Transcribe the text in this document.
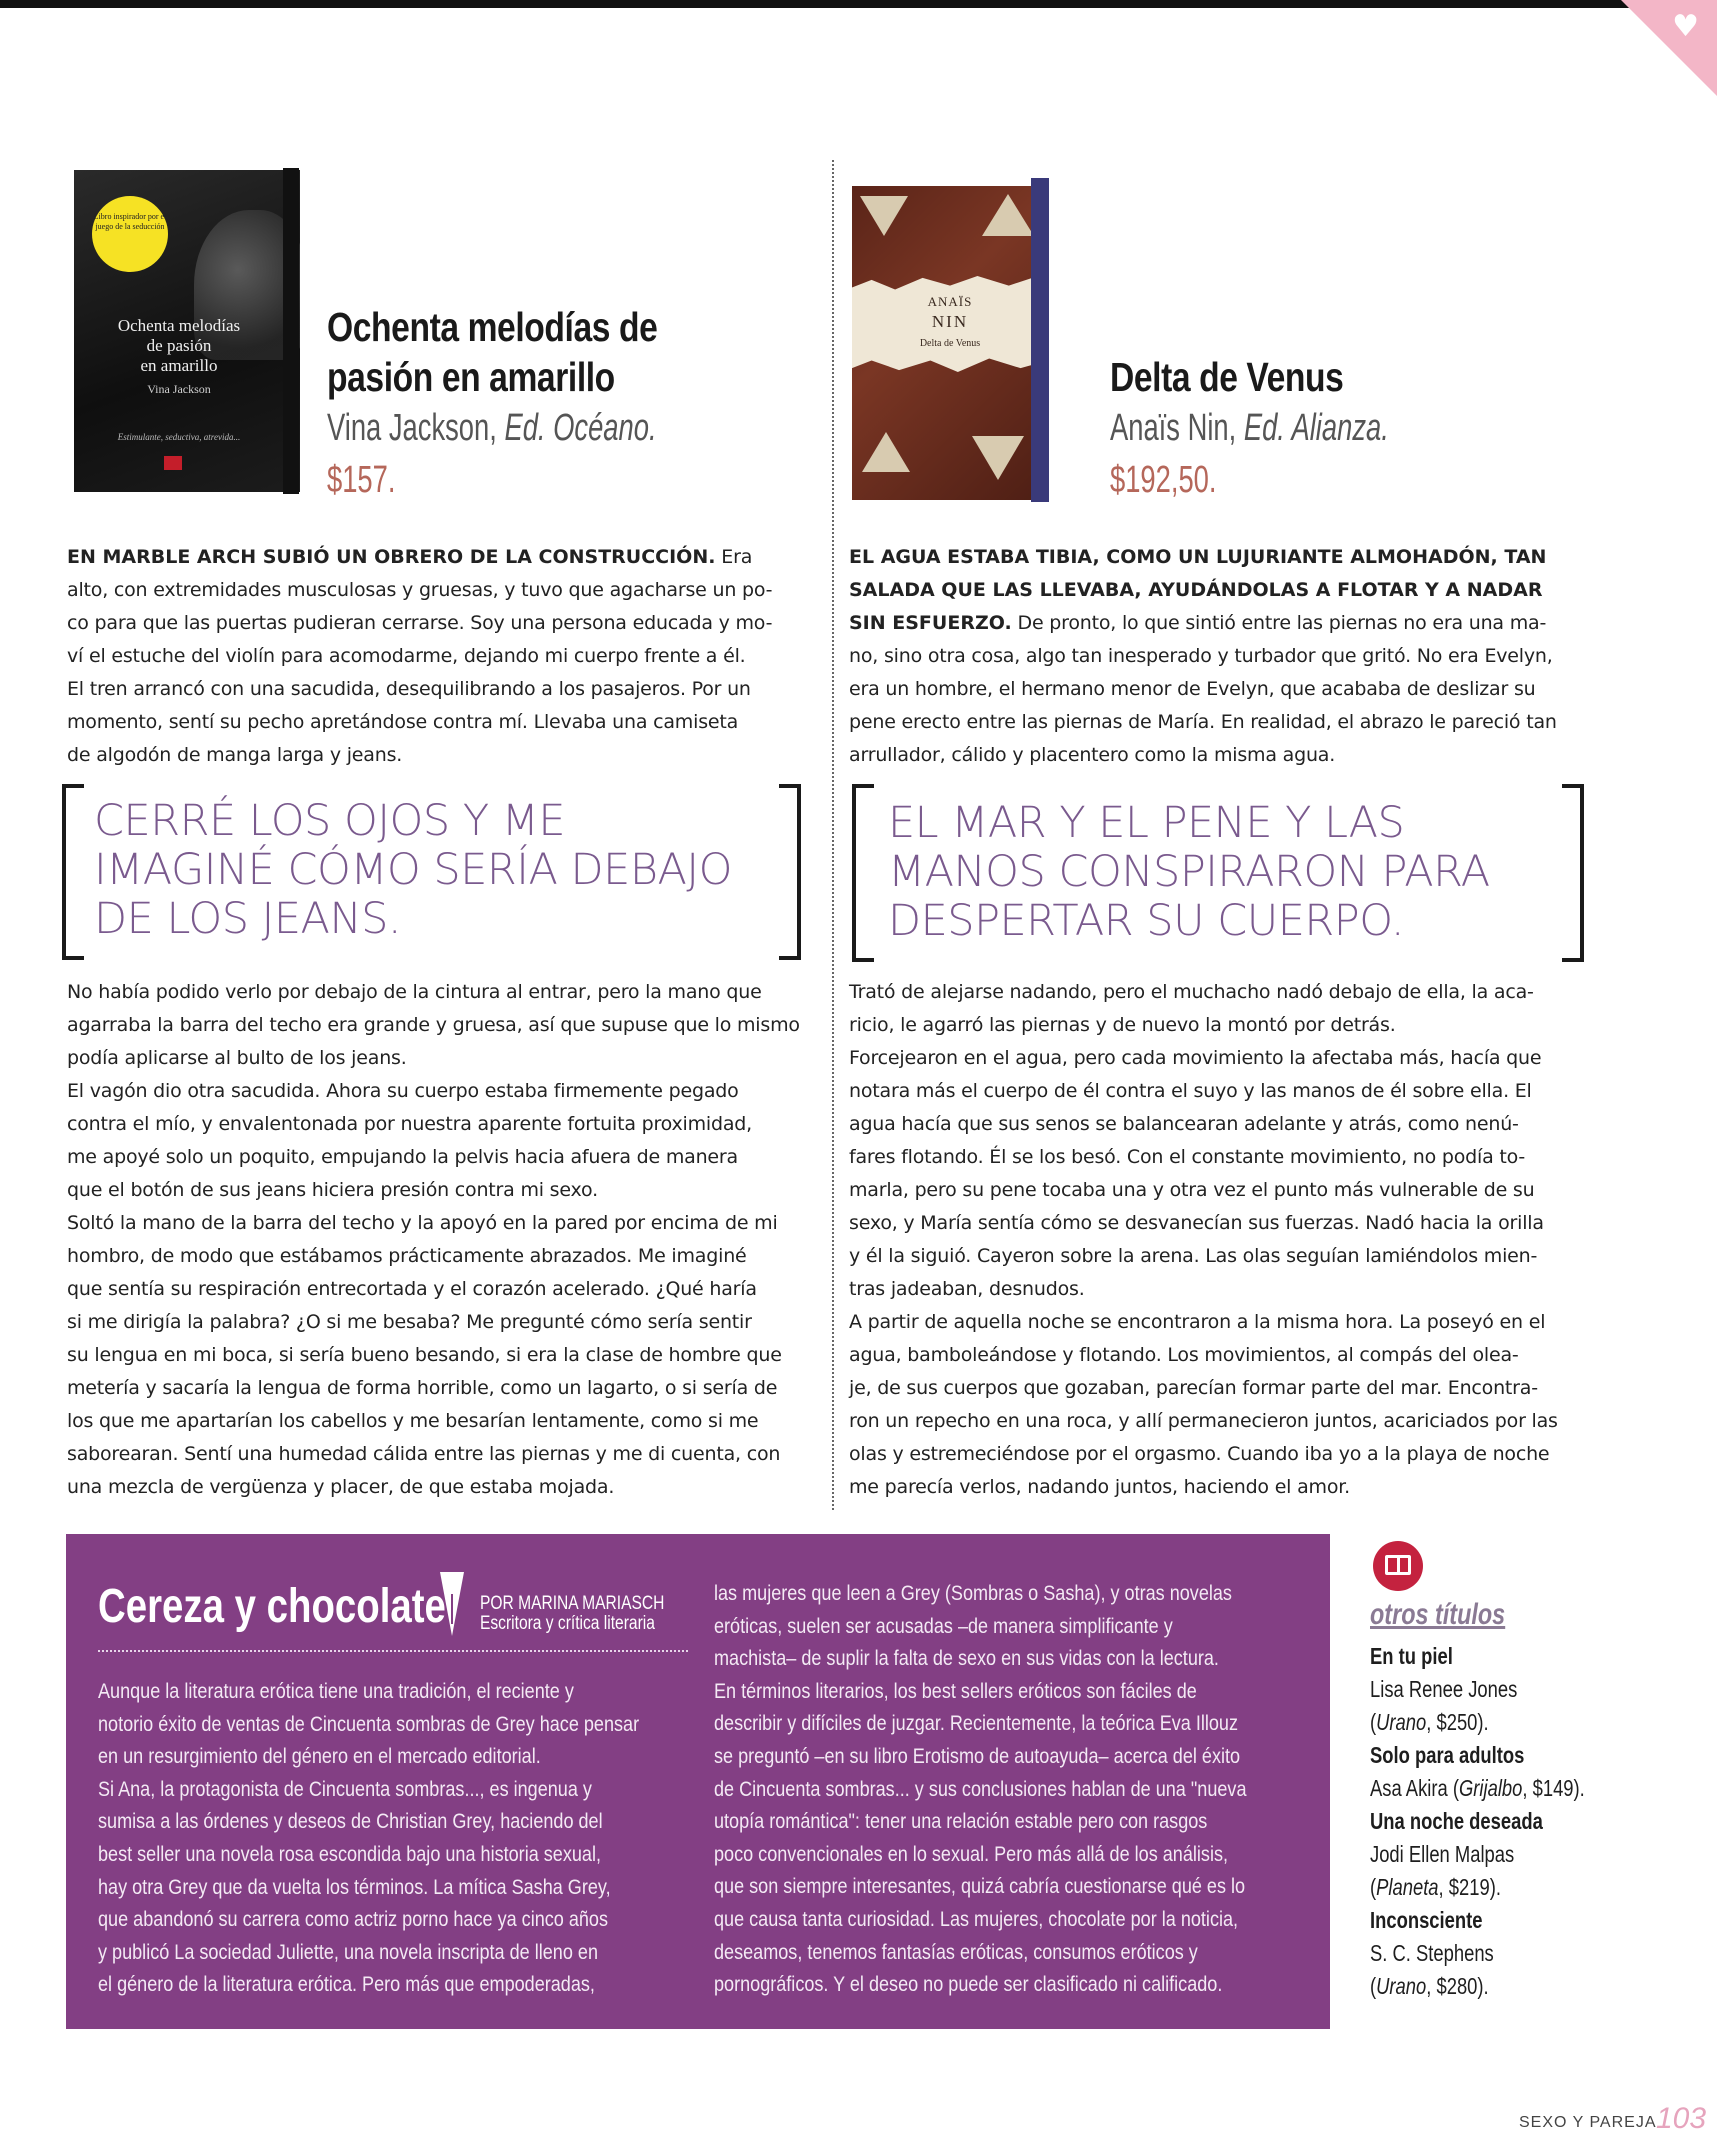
♥
Libro inspirador por el juego de la seducción
Ochenta melodías
de pasión
en amarillo
Vina Jackson
Estimulante, seductiva, atrevida...
Ochenta melodías de
pasión en amarillo
Vina Jackson, Ed. Océano.
$157.
ANAÏS
NIN
Delta de Venus
Delta de Venus
Anaïs Nin, Ed. Alianza.
$192,50.

EN MARBLE ARCH SUBIÓ UN OBRERO DE LA CONSTRUCCIÓN. Era

alto, con extremidades musculosas y gruesas, y tuvo que agacharse un po-

co para que las puertas pudieran cerrarse. Soy una persona educada y mo-

ví el estuche del violín para acomodarme, dejando mi cuerpo frente a él.

El tren arrancó con una sacudida, desequilibrando a los pasajeros. Por un

momento, sentí su pecho apretándose contra mí. Llevaba una camiseta

de algodón de manga larga y jeans.

CERRÉ LOS OJOS Y ME

IMAGINÉ CÓMO SERÍA DEBAJO

DE LOS JEANS.

No había podido verlo por debajo de la cintura al entrar, pero la mano que

agarraba la barra del techo era grande y gruesa, así que supuse que lo mismo

podía aplicarse al bulto de los jeans.

El vagón dio otra sacudida. Ahora su cuerpo estaba firmemente pegado

contra el mío, y envalentonada por nuestra aparente fortuita proximidad,

me apoyé solo un poquito, empujando la pelvis hacia afuera de manera

que el botón de sus jeans hiciera presión contra mi sexo.

Soltó la mano de la barra del techo y la apoyó en la pared por encima de mi

hombro, de modo que estábamos prácticamente abrazados. Me imaginé

que sentía su respiración entrecortada y el corazón acelerado. ¿Qué haría

si me dirigía la palabra? ¿O si me besaba? Me pregunté cómo sería sentir

su lengua en mi boca, si sería bueno besando, si era la clase de hombre que

metería y sacaría la lengua de forma horrible, como un lagarto, o si sería de

los que me apartarían los cabellos y me besarían lentamente, como si me

saborearan. Sentí una humedad cálida entre las piernas y me di cuenta, con

una mezcla de vergüenza y placer, de que estaba mojada.

EL AGUA ESTABA TIBIA, COMO UN LUJURIANTE ALMOHADÓN, TAN

SALADA QUE LAS LLEVABA, AYUDÁNDOLAS A FLOTAR Y A NADAR

SIN ESFUERZO. De pronto, lo que sintió entre las piernas no era una ma-

no, sino otra cosa, algo tan inesperado y turbador que gritó. No era Evelyn,

era un hombre, el hermano menor de Evelyn, que acababa de deslizar su

pene erecto entre las piernas de María. En realidad, el abrazo le pareció tan

arrullador, cálido y placentero como la misma agua.

EL MAR Y EL PENE Y LAS

MANOS CONSPIRARON PARA

DESPERTAR SU CUERPO.

Trató de alejarse nadando, pero el muchacho nadó debajo de ella, la aca-

ricio, le agarró las piernas y de nuevo la montó por detrás.

Forcejearon en el agua, pero cada movimiento la afectaba más, hacía que

notara más el cuerpo de él contra el suyo y las manos de él sobre ella. El

agua hacía que sus senos se balancearan adelante y atrás, como nenú-

fares flotando. Él se los besó. Con el constante movimiento, no podía to-

marla, pero su pene tocaba una y otra vez el punto más vulnerable de su

sexo, y María sentía cómo se desvanecían sus fuerzas. Nadó hacia la orilla

y él la siguió. Cayeron sobre la arena. Las olas seguían lamiéndolos mien-

tras jadeaban, desnudos.

A partir de aquella noche se encontraron a la misma hora. La poseyó en el

agua, bamboleándose y flotando. Los movimientos, al compás del olea-

je, de sus cuerpos que gozaban, parecían formar parte del mar. Encontra-

ron un repecho en una roca, y allí permanecieron juntos, acariciados por las

olas y estremeciéndose por el orgasmo. Cuando iba yo a la playa de noche

me parecía verlos, nadando juntos, haciendo el amor.

Cereza y chocolate POR MARINA MARIASCH
Escritora y crítica literaria
Aunque la literatura erótica tiene una tradición, el reciente y
notorio éxito de ventas de Cincuenta sombras de Grey hace pensar
en un resurgimiento del género en el mercado editorial.
Si Ana, la protagonista de Cincuenta sombras..., es ingenua y
sumisa a las órdenes y deseos de Christian Grey, haciendo del
best seller una novela rosa escondida bajo una historia sexual,
hay otra Grey que da vuelta los términos. La mítica Sasha Grey,
que abandonó su carrera como actriz porno hace ya cinco años
y publicó La sociedad Juliette, una novela inscripta de lleno en
el género de la literatura erótica. Pero más que empoderadas,
las mujeres que leen a Grey (Sombras o Sasha), y otras novelas
eróticas, suelen ser acusadas –de manera simplificante y
machista– de suplir la falta de sexo en sus vidas con la lectura.
En términos literarios, los best sellers eróticos son fáciles de
describir y difíciles de juzgar. Recientemente, la teórica Eva Illouz
se preguntó –en su libro Erotismo de autoayuda– acerca del éxito
de Cincuenta sombras... y sus conclusiones hablan de una "nueva
utopía romántica": tener una relación estable pero con rasgos
poco convencionales en lo sexual. Pero más allá de los análisis,
que son siempre interesantes, quizá cabría cuestionarse qué es lo
que causa tanta curiosidad. Las mujeres, chocolate por la noticia,
deseamos, tenemos fantasías eróticas, consumos eróticos y
pornográficos. Y el deseo no puede ser clasificado ni calificado.
otros títulos
En tu piel
Lisa Renee Jones
(Urano, $250).
Solo para adultos
Asa Akira (Grijalbo, $149).
Una noche deseada
Jodi Ellen Malpas
(Planeta, $219).
Inconsciente
S. C. Stephens
(Urano, $280).
SEXO Y PAREJA 103
